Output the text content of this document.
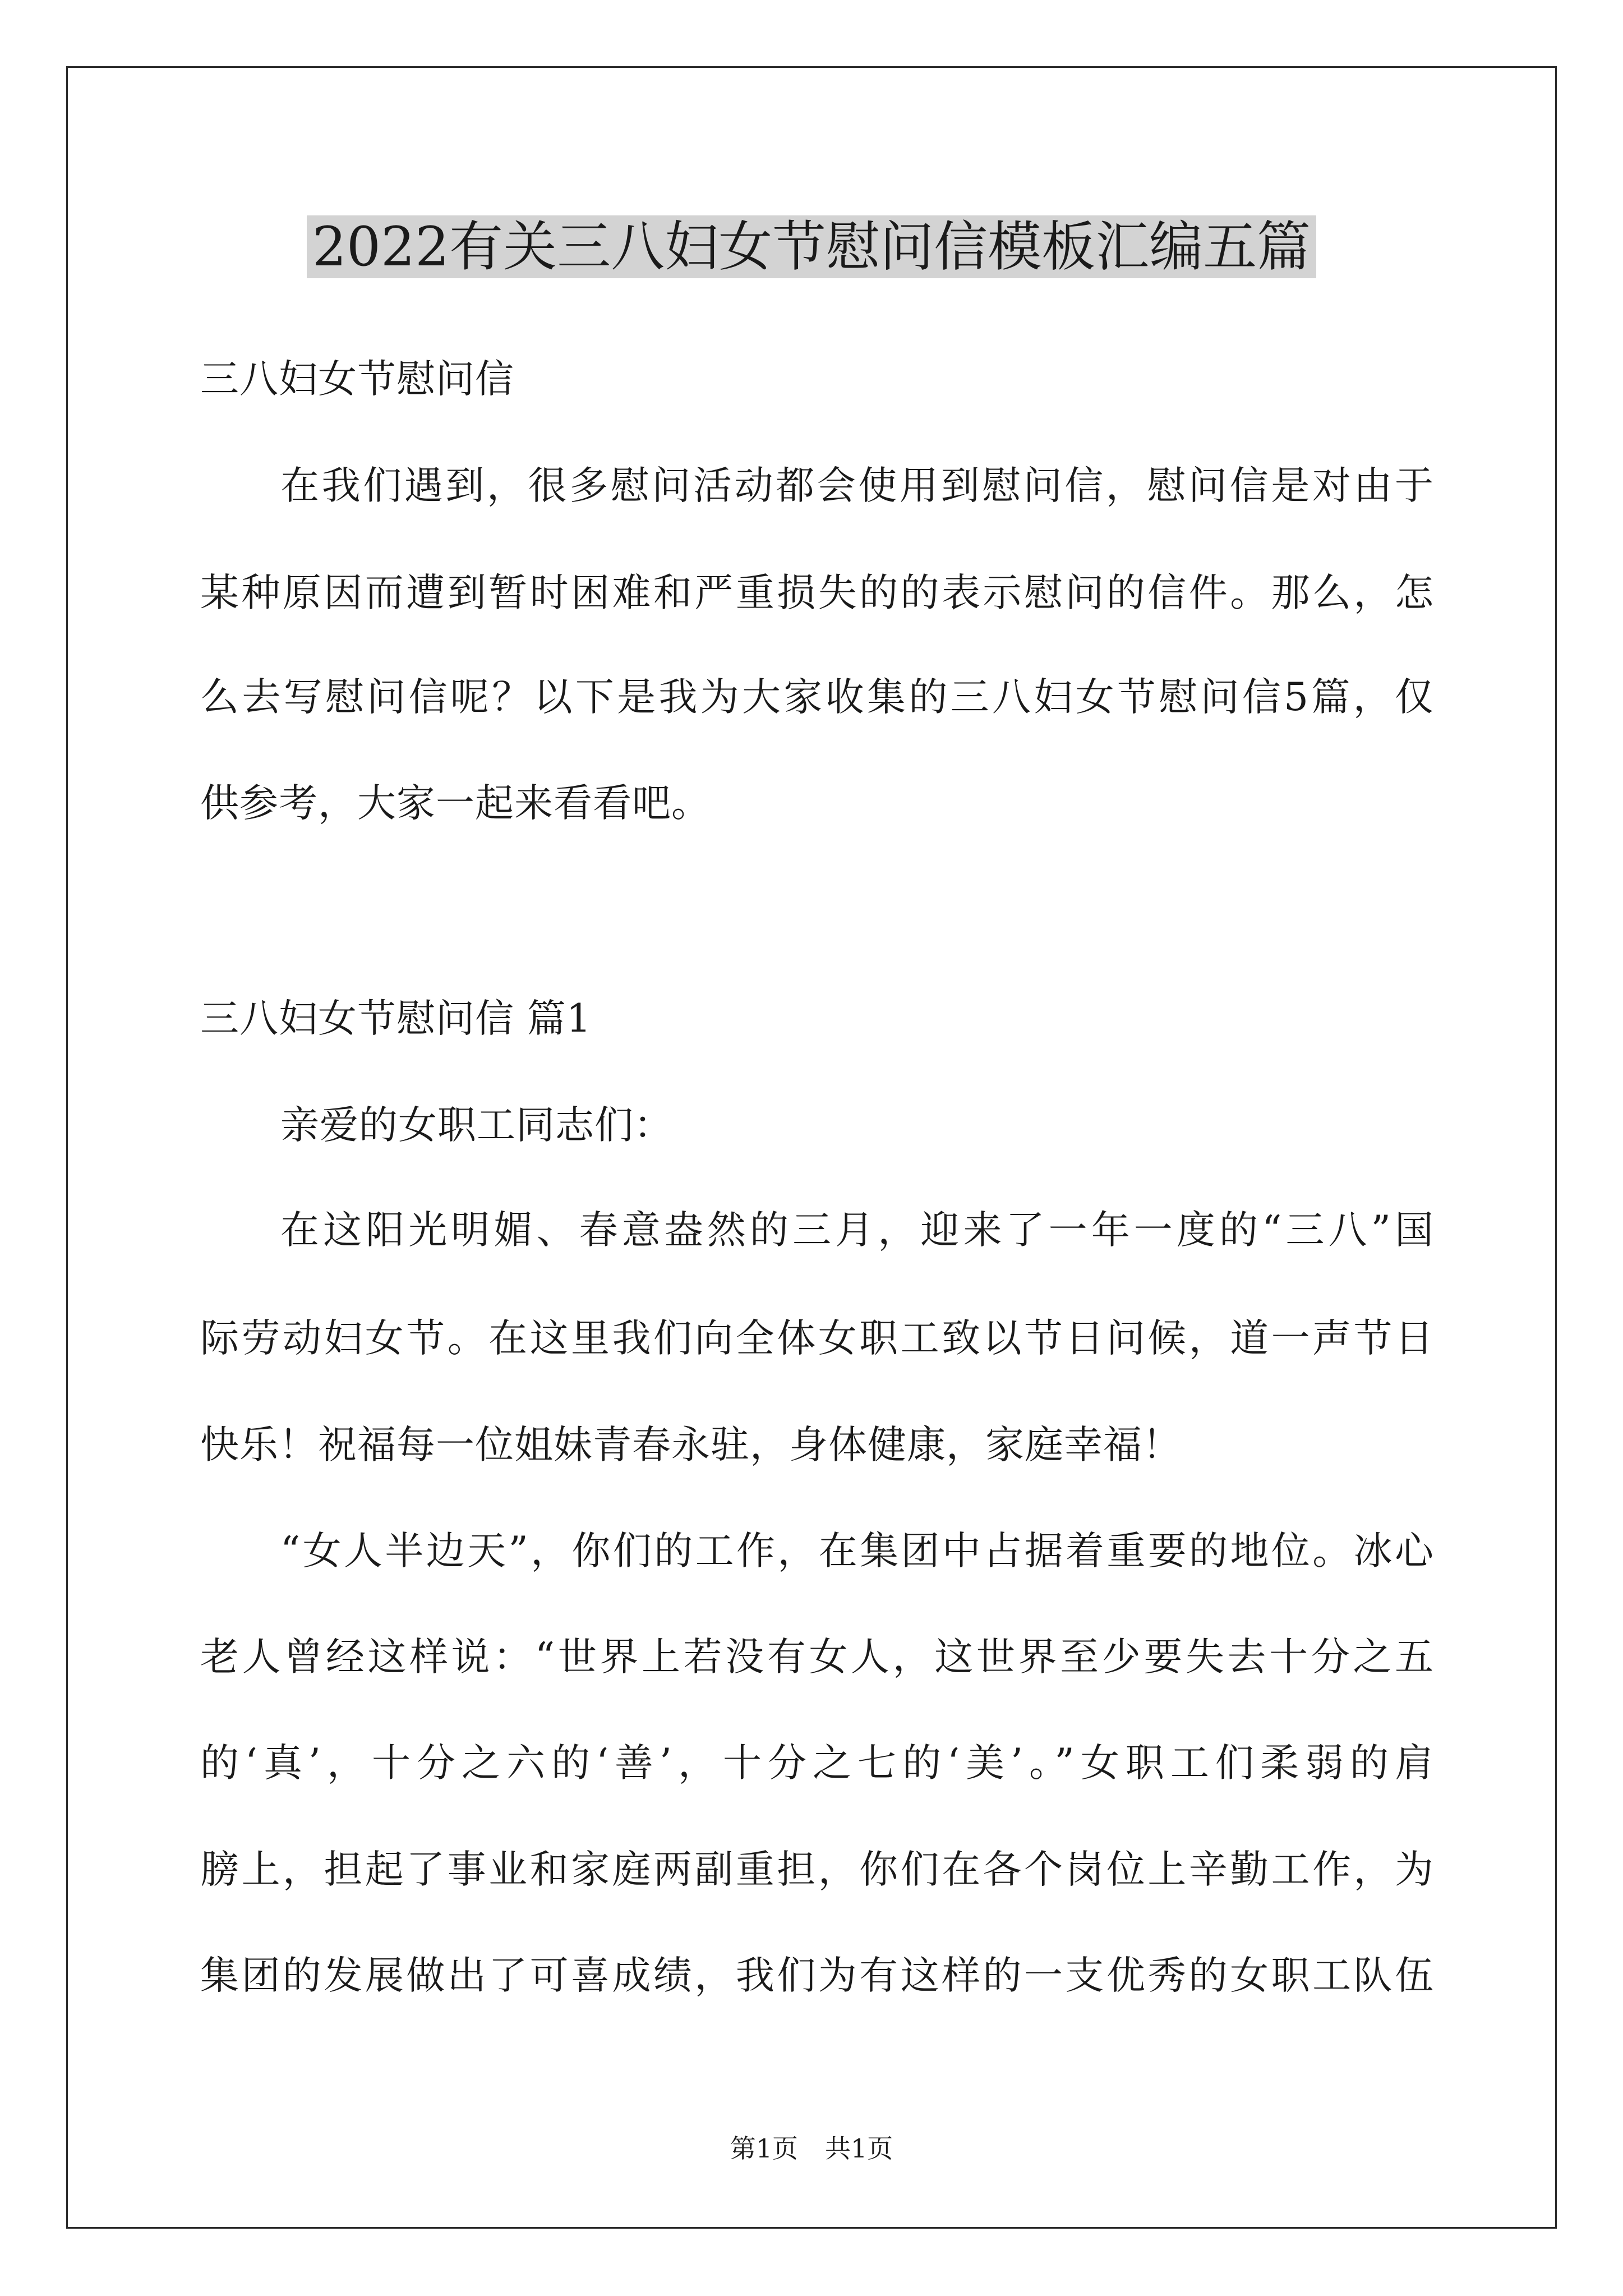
2022有关三八妇女节慰问信模板汇编五篇
三八妇女节慰问信
在我们遇到，很多慰问活动都会使用到慰问信，慰问信是对由于
某种原因而遭到暂时困难和严重损失的的表示慰问的信件。那么，怎
么去写慰问信呢？以下是我为大家收集的三八妇女节慰问信5篇，仅
供参考，大家一起来看看吧。
三八妇女节慰问信 篇1
亲爱的女职工同志们：
在这阳光明媚、春意盎然的三月，迎来了一年一度的“三八”国
际劳动妇女节。在这里我们向全体女职工致以节日问候，道一声节日
快乐！祝福每一位姐妹青春永驻，身体健康，家庭幸福！
“女人半边天”，你们的工作，在集团中占据着重要的地位。冰心
老人曾经这样说：“世界上若没有女人，这世界至少要失去十分之五
的‘真’，十分之六的‘善’，十分之七的‘美’。”女职工们柔弱的肩
膀上，担起了事业和家庭两副重担，你们在各个岗位上辛勤工作，为
集团的发展做出了可喜成绩，我们为有这样的一支优秀的女职工队伍
第1页 共1页
